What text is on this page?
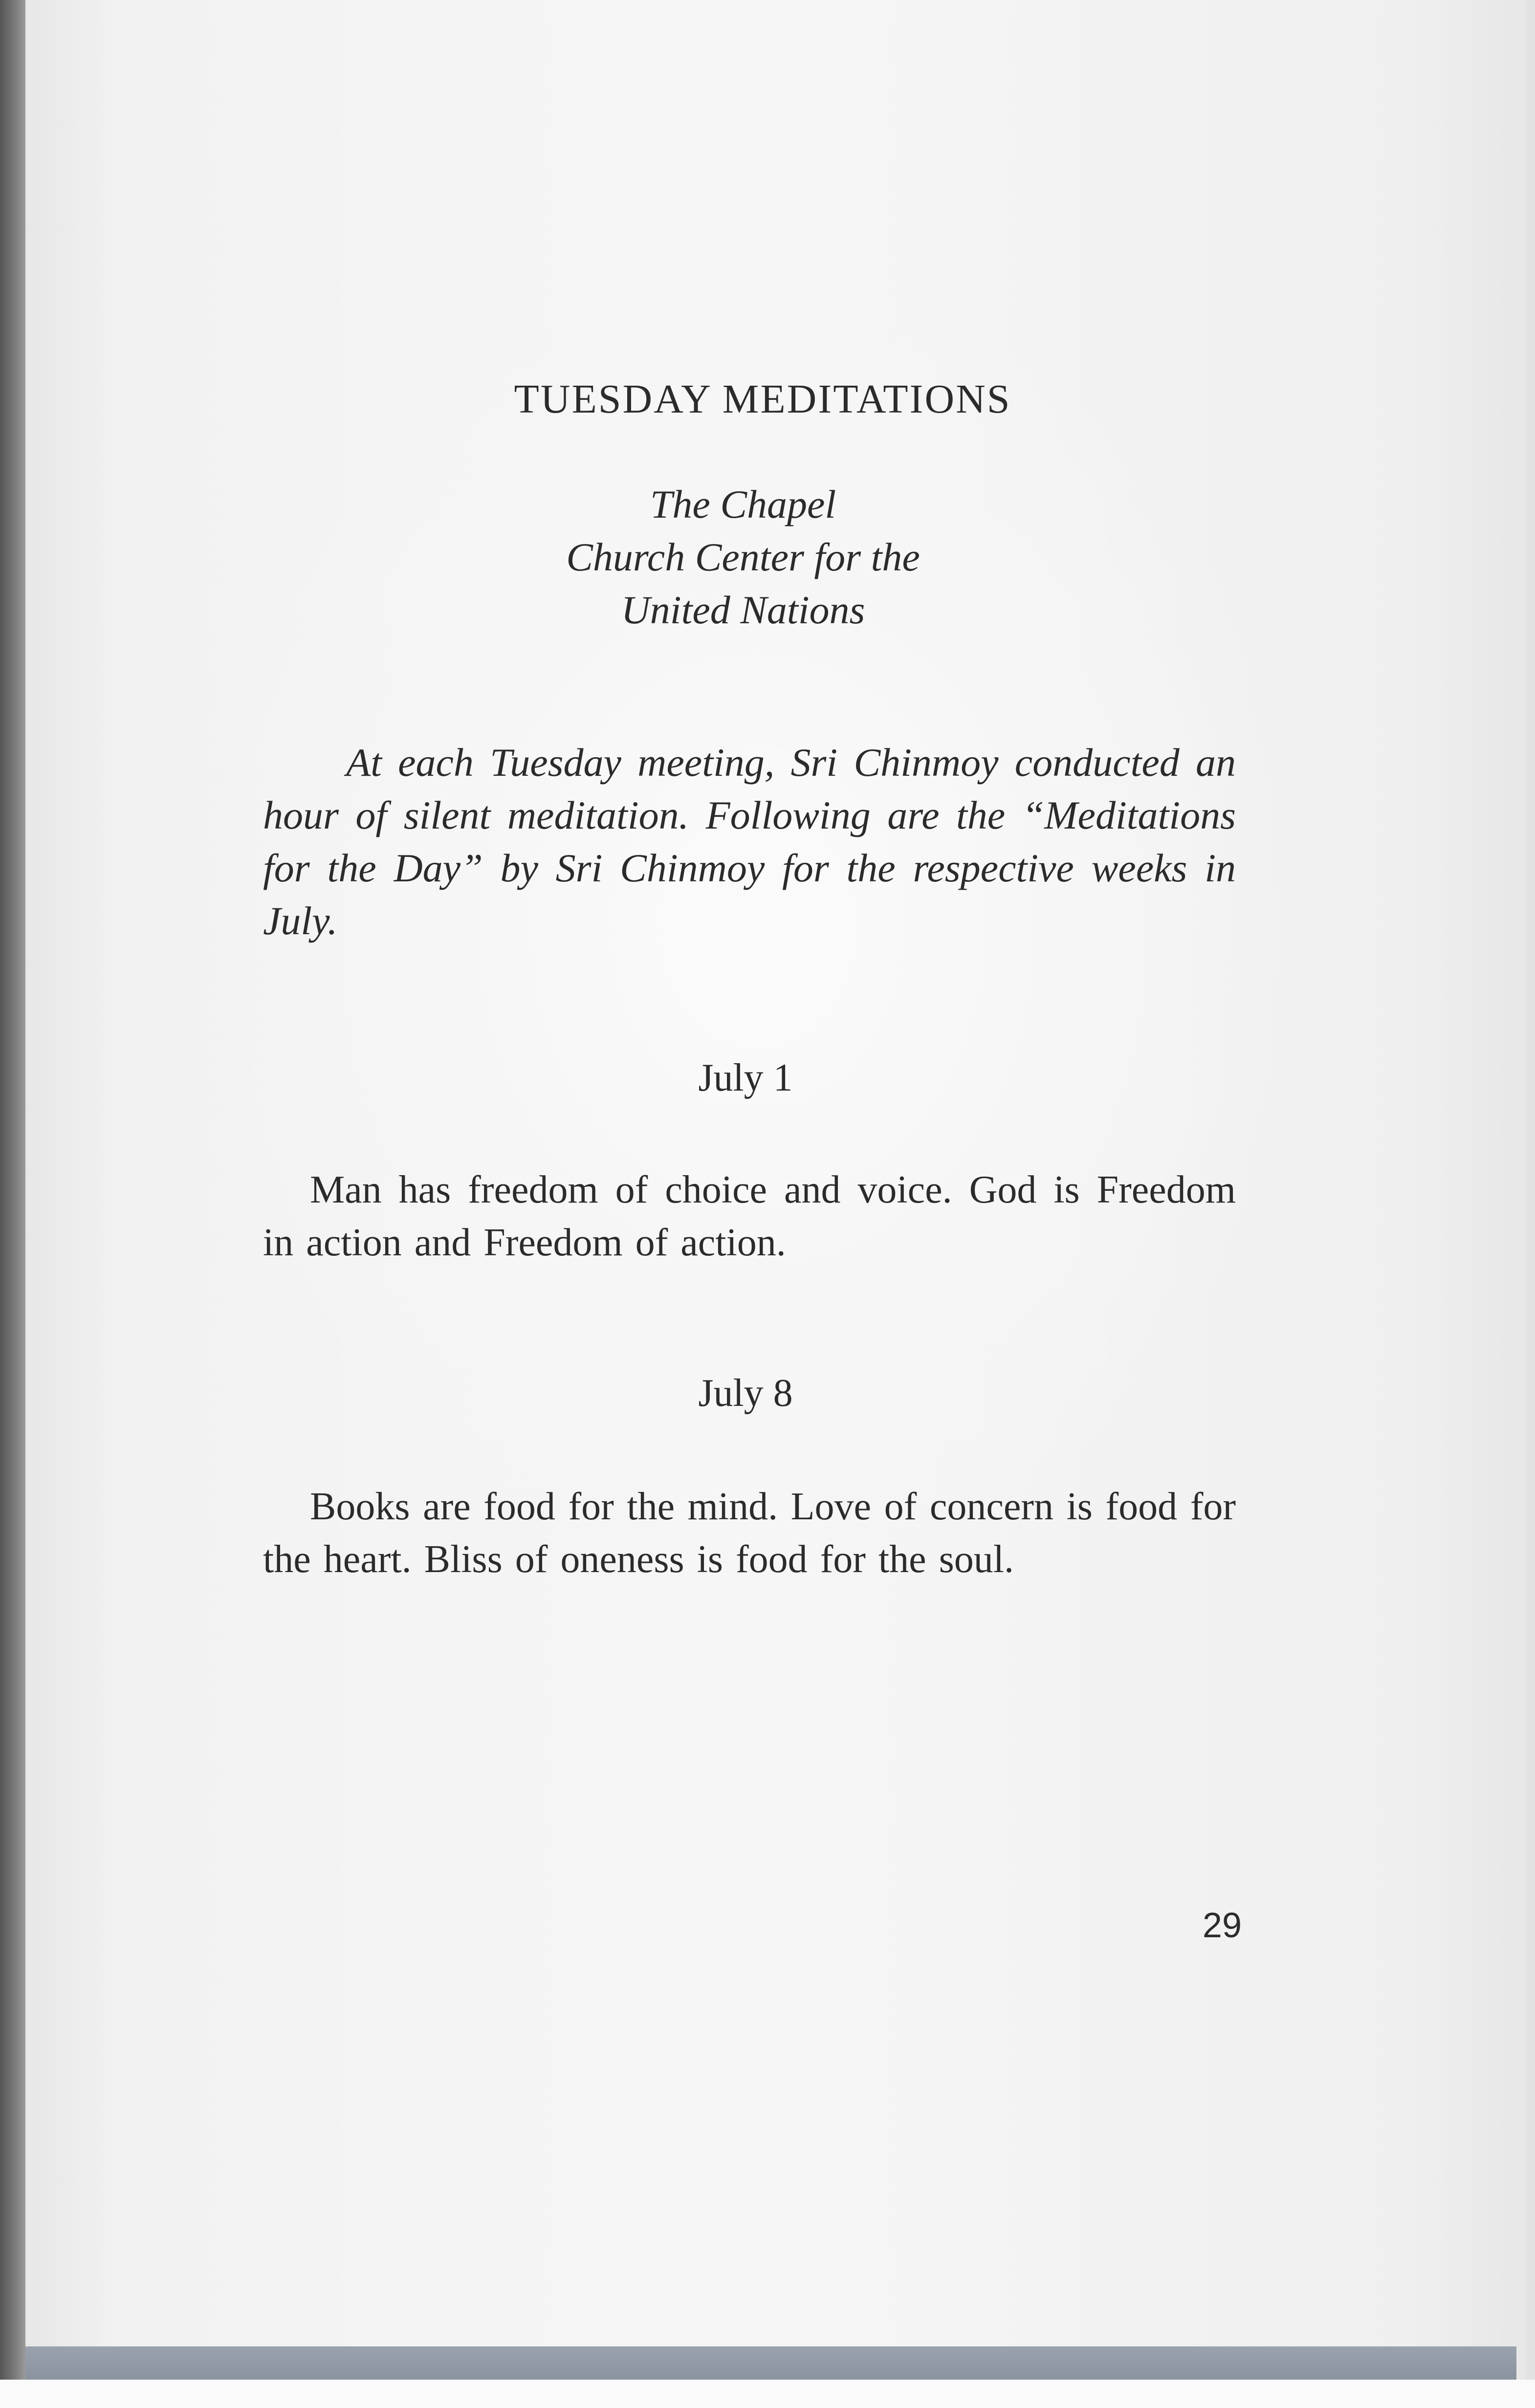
TUESDAY MEDITATIONS
The Chapel
Church Center for the
United Nations
At each Tuesday meeting, Sri Chinmoy conducted an hour of silent meditation. Following are the “Meditations for the Day” by Sri Chinmoy for the respective weeks in July.
July 1
Man has freedom of choice and voice. God is Freedom in action and Freedom of action.
July 8
Books are food for the mind. Love of concern is food for the heart. Bliss of oneness is food for the soul.
29
